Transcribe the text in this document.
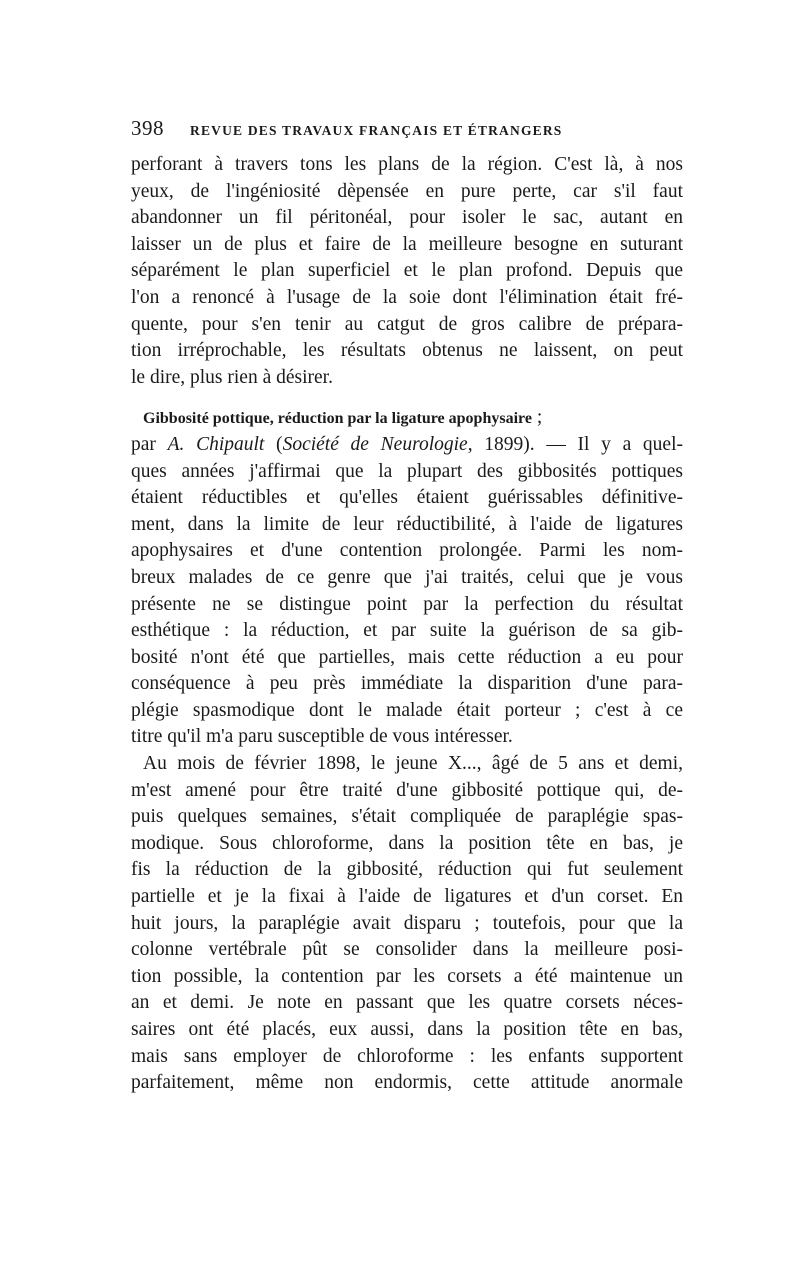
398 REVUE DES TRAVAUX FRANÇAIS ET ÉTRANGERS
perforant à travers tons les plans de la région. C'est là, à nos
yeux, de l'ingéniosité dèpensée en pure perte, car s'il faut
abandonner un fil péritonéal, pour isoler le sac, autant en
laisser un de plus et faire de la meilleure besogne en suturant
séparément le plan superficiel et le plan profond. Depuis que
l'on a renoncé à l'usage de la soie dont l'élimination était fré-
quente, pour s'en tenir au catgut de gros calibre de prépara-
tion irréprochable, les résultats obtenus ne laissent, on peut
le dire, plus rien à désirer.
Gibbosité pottique, réduction par la ligature apophysaire ;
par A. Chipault (Société de Neurologie, 1899). — Il y a quel-
ques années j'affirmai que la plupart des gibbosités pottiques
étaient réductibles et qu'elles étaient guérissables définitive-
ment, dans la limite de leur réductibilité, à l'aide de ligatures
apophysaires et d'une contention prolongée. Parmi les nom-
breux malades de ce genre que j'ai traités, celui que je vous
présente ne se distingue point par la perfection du résultat
esthétique : la réduction, et par suite la guérison de sa gib-
bosité n'ont été que partielles, mais cette réduction a eu pour
conséquence à peu près immédiate la disparition d'une para-
plégie spasmodique dont le malade était porteur ; c'est à ce
titre qu'il m'a paru susceptible de vous intéresser.
Au mois de février 1898, le jeune X..., âgé de 5 ans et demi,
m'est amené pour être traité d'une gibbosité pottique qui, de-
puis quelques semaines, s'était compliquée de paraplégie spas-
modique. Sous chloroforme, dans la position tête en bas, je
fis la réduction de la gibbosité, réduction qui fut seulement
partielle et je la fixai à l'aide de ligatures et d'un corset. En
huit jours, la paraplégie avait disparu ; toutefois, pour que la
colonne vertébrale pût se consolider dans la meilleure posi-
tion possible, la contention par les corsets a été maintenue un
an et demi. Je note en passant que les quatre corsets néces-
saires ont été placés, eux aussi, dans la position tête en bas,
mais sans employer de chloroforme : les enfants supportent
parfaitement, même non endormis, cette attitude anormale
